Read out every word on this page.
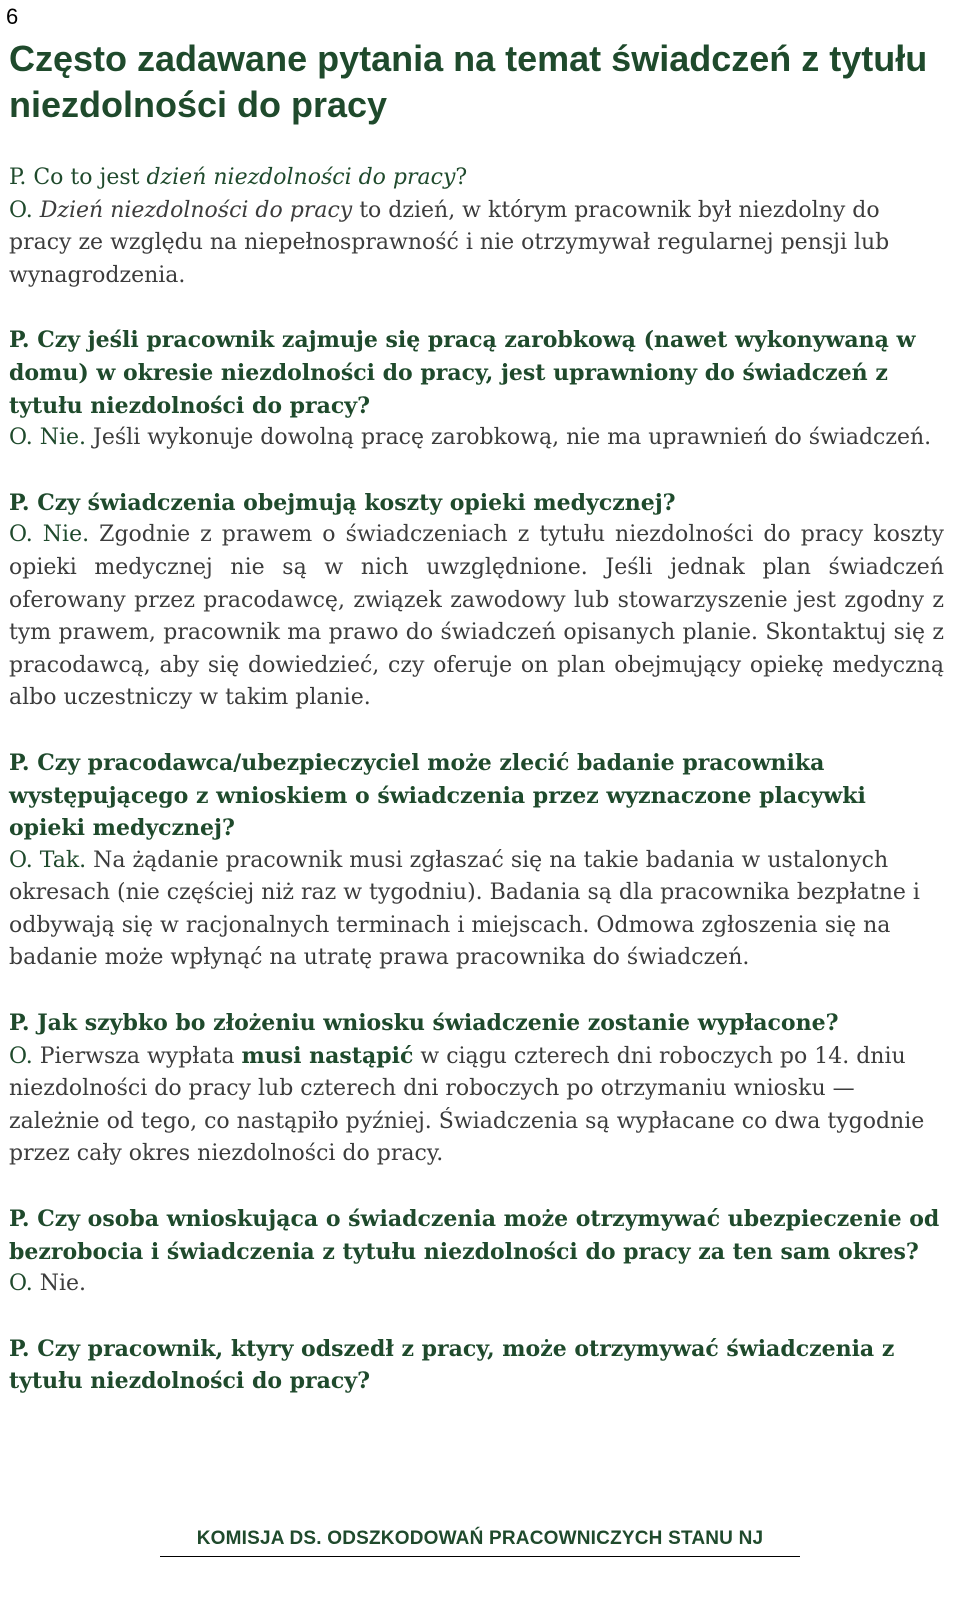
6
Często zadawane pytania na temat świadczeń z tytułu niezdolności do pracy

P. Co to jest dzień niezdolności do pracy?

O. Dzień niezdolności do pracy to dzień, w którym pracownik był niezdolny do pracy ze względu na niepełnosprawność i nie otrzymywał regularnej pensji lub wynagrodzenia.

P. Czy jeśli pracownik zajmuje się pracą zarobkową (nawet wykonywaną w domu) w okresie niezdolności do pracy, jest uprawniony do świadczeń z tytułu niezdolności do pracy?

O. Nie. Jeśli wykonuje dowolną pracę zarobkową, nie ma uprawnień do świadczeń.

P. Czy świadczenia obejmują koszty opieki medycznej?

O. Nie. Zgodnie z prawem o świadczeniach z tytułu niezdolności do pracy koszty opieki medycznej nie są w nich uwzględnione. Jeśli jednak plan świadczeń oferowany przez pracodawcę, związek zawodowy lub stowarzyszenie jest zgodny z tym prawem, pracownik ma prawo do świadczeń opisanych planie. Skontaktuj się z pracodawcą, aby się dowiedzieć, czy oferuje on plan obejmujący opiekę medyczną albo uczestniczy w takim planie.

P. Czy pracodawca/ubezpieczyciel może zlecić badanie pracownika występującego z wnioskiem o świadczenia przez wyznaczone placywki opieki medycznej?

O. Tak. Na żądanie pracownik musi zgłaszać się na takie badania w ustalonych okresach (nie częściej niż raz w tygodniu). Badania są dla pracownika bezpłatne i odbywają się w racjonalnych terminach i miejscach. Odmowa zgłoszenia się na badanie może wpłynąć na utratę prawa pracownika do świadczeń.

P. Jak szybko bo złożeniu wniosku świadczenie zostanie wypłacone?

O. Pierwsza wypłata musi nastąpić w ciągu czterech dni roboczych po 14. dniu niezdolności do pracy lub czterech dni roboczych po otrzymaniu wniosku — zależnie od tego, co nastąpiło pyźniej. Świadczenia są wypłacane co dwa tygodnie przez cały okres niezdolności do pracy.

P. Czy osoba wnioskująca o świadczenia może otrzymywać ubezpieczenie od bezrobocia i świadczenia z tytułu niezdolności do pracy za ten sam okres?

O. Nie.

P. Czy pracownik, ktyry odszedł z pracy, może otrzymywać świadczenia z tytułu niezdolności do pracy?

KOMISJA DS. ODSZKODOWAŃ PRACOWNICZYCH STANU NJ
